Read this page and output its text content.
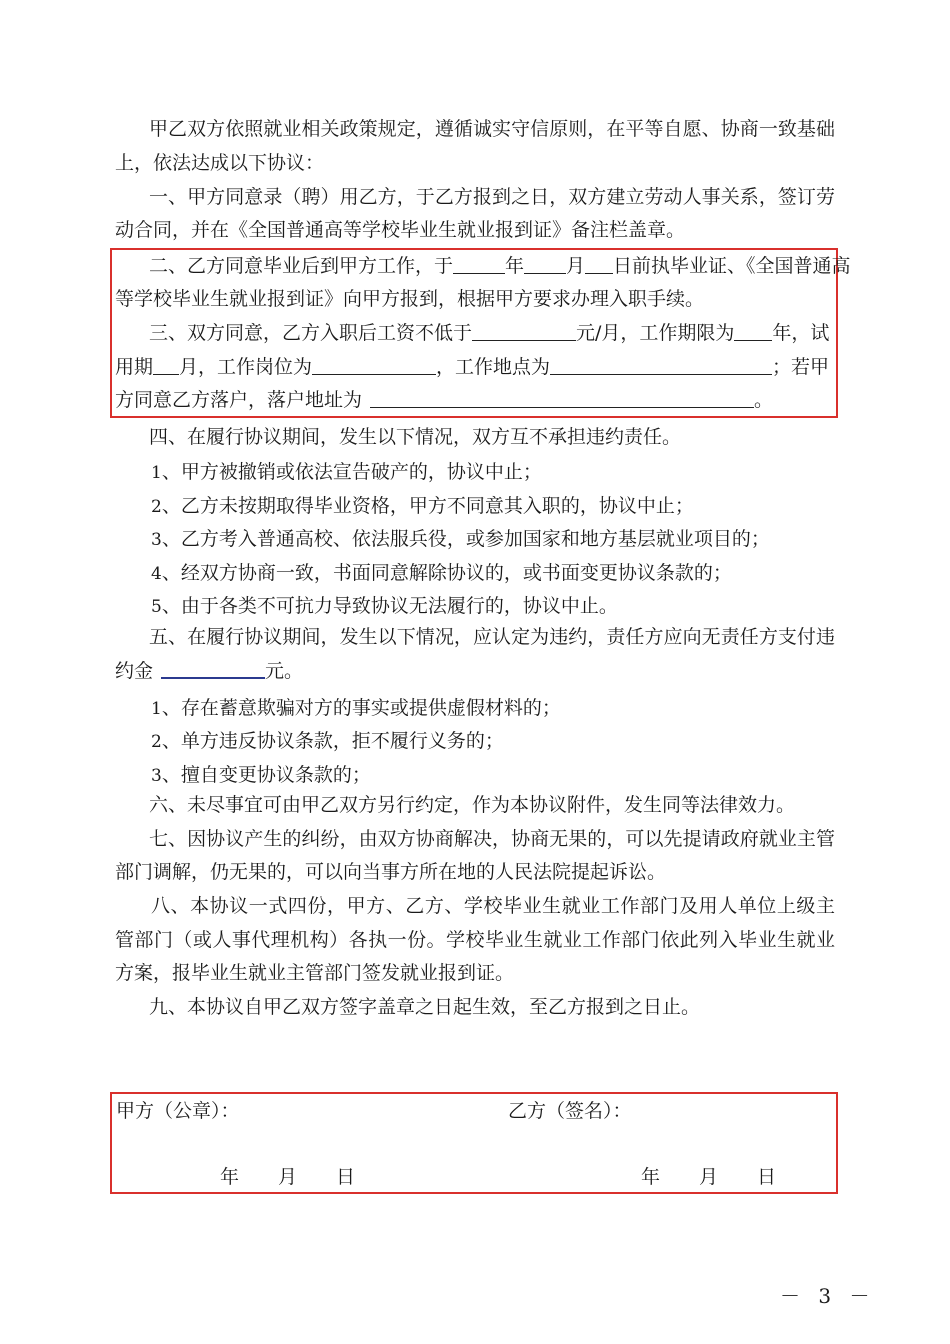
甲乙双方依照就业相关政策规定，遵循诚实守信原则，在平等自愿、协商一致基础
上，依法达成以下协议：
一、甲方同意录（聘）用乙方，于乙方报到之日，双方建立劳动人事关系，签订劳
动合同，并在《全国普通高等学校毕业生就业报到证》备注栏盖章。
二、乙方同意毕业后到甲方工作，于	年 月 日前执毕业证、《全国普通高
等学校毕业生就业报到证》向甲方报到，根据甲方要求办理入职手续。
三、双方同意，乙方入职后工资不低于	元/月，工作期限为 年，试
用期 月，工作岗位为	，工作地点为	；若甲
方同意乙方落户，落户地址为	。
四、在履行协议期间，发生以下情况，双方互不承担违约责任。
1、甲方被撤销或依法宣告破产的，协议中止；
2、乙方未按期取得毕业资格，甲方不同意其入职的，协议中止；
3、乙方考入普通高校、依法服兵役，或参加国家和地方基层就业项目的；
4、经双方协商一致，书面同意解除协议的，或书面变更协议条款的；
5、由于各类不可抗力导致协议无法履行的，协议中止。
五、在履行协议期间，发生以下情况，应认定为违约，责任方应向无责任方支付违
约金	元。
1、存在蓄意欺骗对方的事实或提供虚假材料的；
2、单方违反协议条款，拒不履行义务的；
3、擅自变更协议条款的；
六、未尽事宜可由甲乙双方另行约定，作为本协议附件，发生同等法律效力。
七、因协议产生的纠纷，由双方协商解决，协商无果的，可以先提请政府就业主管
部门调解，仍无果的，可以向当事方所在地的人民法院提起诉讼。
八、本协议一式四份，甲方、乙方、学校毕业生就业工作部门及用人单位上级主
管部门（或人事代理机构）各执一份。学校毕业生就业工作部门依此列入毕业生就业
方案，报毕业生就业主管部门签发就业报到证。
九、本协议自甲乙双方签字盖章之日起生效，至乙方报到之日止。
甲方（公章）：	乙方（签名）：
年 月 日	年 月 日
－ 3 －
